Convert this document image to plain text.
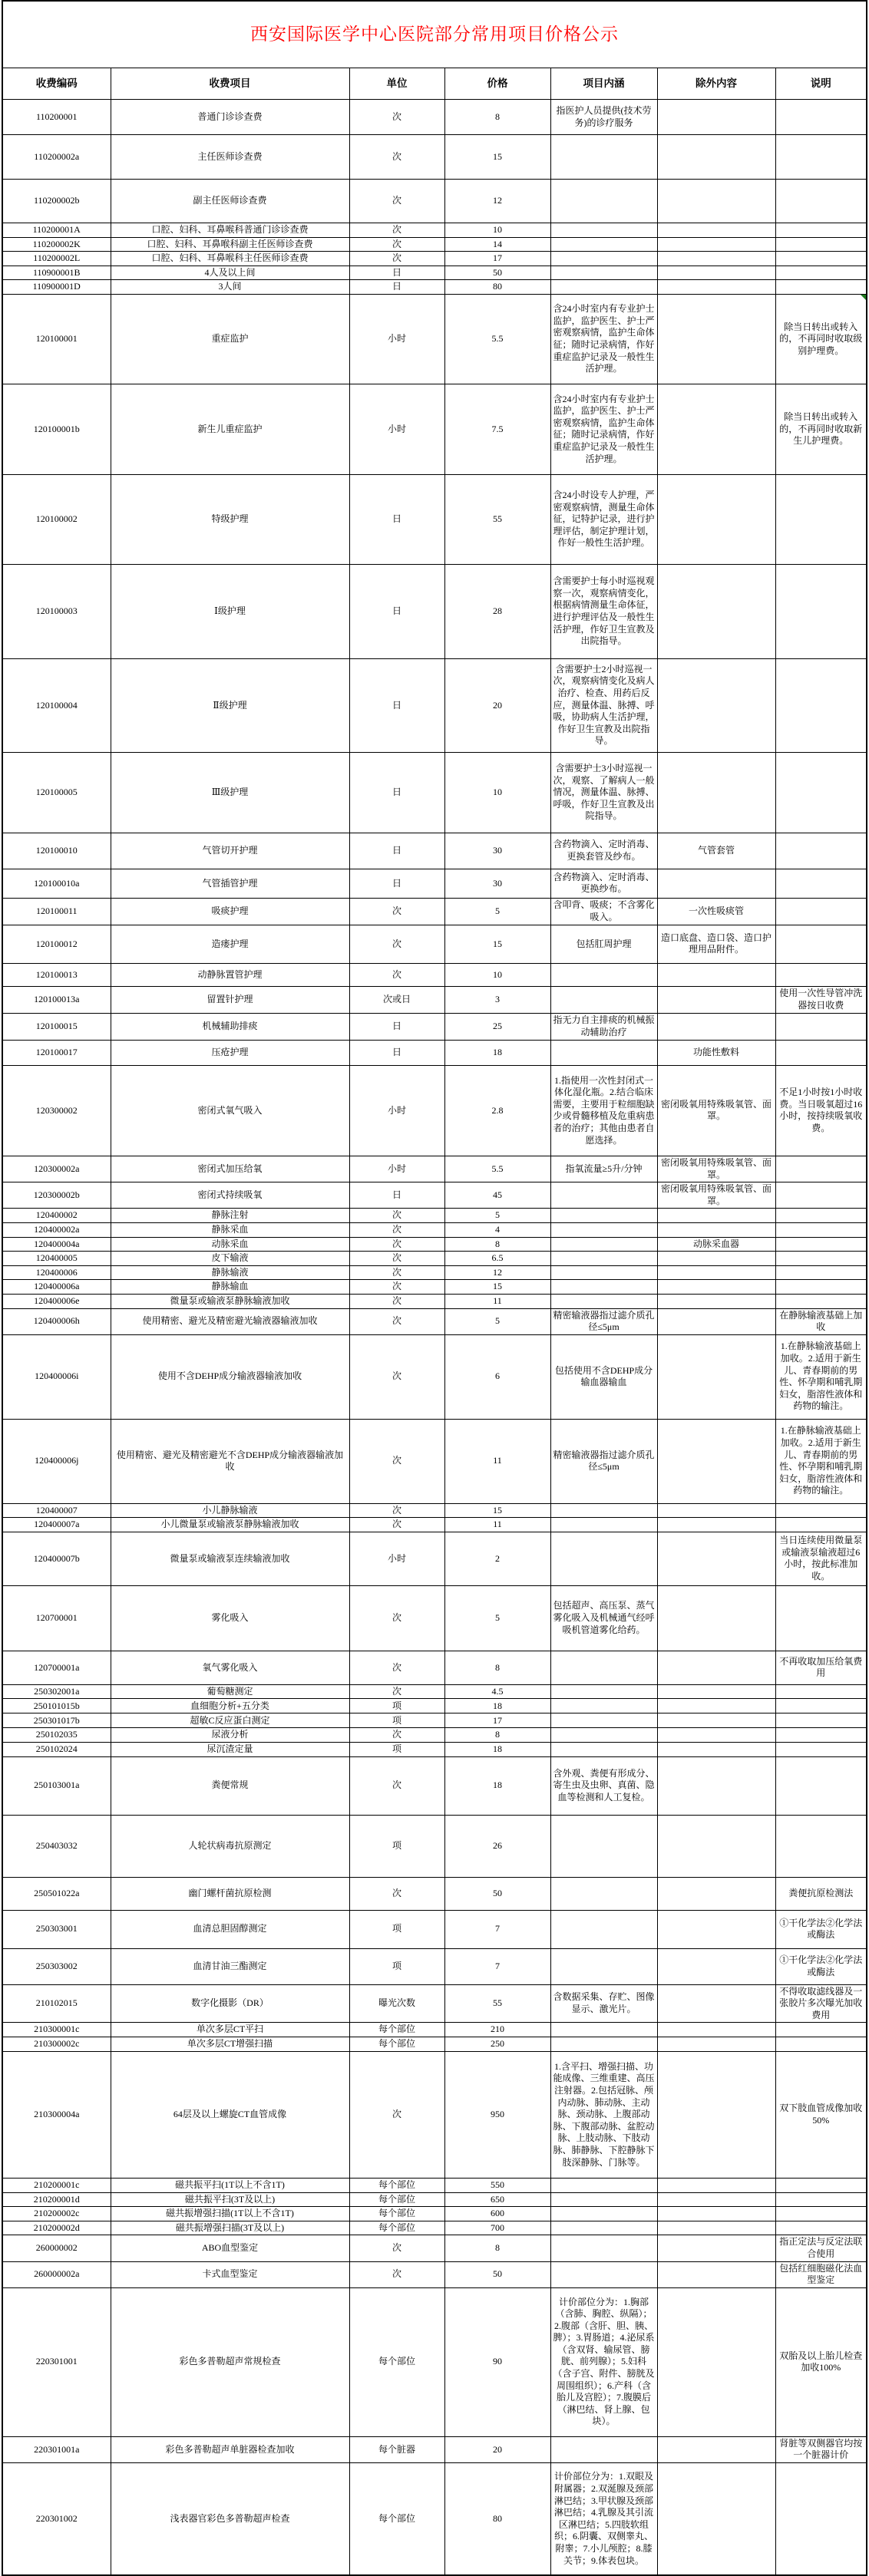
西安国际医学中心医院部分常用项目价格公示						
收费编码	收费项目	单位	价格	项目内涵	除外内容	说明
110200001	普通门诊诊查费	次	8	指医护人员提供(技术劳务)的诊疗服务		
110200002a	主任医师诊查费	次	15			
110200002b	副主任医师诊查费	次	12			
110200001A	口腔、妇科、耳鼻喉科普通门诊诊查费	次	10			
110200002K	口腔、妇科、耳鼻喉科副主任医师诊查费	次	14			
110200002L	口腔、妇科、耳鼻喉科主任医师诊查费	次	17			
110900001B	4人及以上间	日	50			
110900001D	3人间	日	80			
120100001	重症监护	小时	5.5	含24小时室内有专业护士监护，监护医生、护士严密观察病情，监护生命体征；随时记录病情，作好重症监护记录及一般性生活护理。		除当日转出或转入的，不再同时收取级别护理费。

120100001b	新生儿重症监护	小时	7.5	含24小时室内有专业护士监护，监护医生、护士严密观察病情，监护生命体征；随时记录病情，作好重症监护记录及一般性生活护理。		除当日转出或转入的，不再同时收取新生儿护理费。
120100002	特级护理	日	55	含24小时设专人护理，严密观察病情，测量生命体征，记特护记录，进行护理评估，制定护理计划，作好一般性生活护理。		
120100003	Ⅰ级护理	日	28	含需要护士每小时巡视观察一次，观察病情变化，根据病情测量生命体征，进行护理评估及一般性生活护理，作好卫生宣教及出院指导。		
120100004	Ⅱ级护理	日	20	含需要护士2小时巡视一次，观察病情变化及病人治疗、检查、用药后反应，测量体温、脉搏、呼吸，协助病人生活护理，作好卫生宣教及出院指导。		
120100005	Ⅲ级护理	日	10	含需要护士3小时巡视一次，观察、了解病人一般情况，测量体温、脉搏、呼吸，作好卫生宣教及出院指导。		
120100010	气管切开护理	日	30	含药物滴入、定时消毒、更换套管及纱布。	气管套管	
120100010a	气管插管护理	日	30	含药物滴入、定时消毒、更换纱布。		
120100011	吸痰护理	次	5	含叩背、吸痰；不含雾化吸入。	一次性吸痰管	
120100012	造瘘护理	次	15	包括肛周护理	造口底盘、造口袋、造口护理用品附件。	
120100013	动静脉置管护理	次	10			
120100013a	留置针护理	次或日	3			使用一次性导管冲洗器按日收费
120100015	机械辅助排痰	日	25	指无力自主排痰的机械振动辅助治疗		
120100017	压疮护理	日	18		功能性敷料	
120300002	密闭式氧气吸入	小时	2.8	1.指使用一次性封闭式一体化湿化瓶。2.结合临床需要，主要用于粒细胞缺少或骨髓移植及危重病患者的治疗；其他由患者自愿选择。	密闭吸氧用特殊吸氧管、面罩。	不足1小时按1小时收费。当日吸氧超过16小时，按持续吸氧收费。
120300002a	密闭式加压给氧	小时	5.5	指氧流量≥5升/分钟	密闭吸氧用特殊吸氧管、面罩。	
120300002b	密闭式持续吸氧	日	45		密闭吸氧用特殊吸氧管、面罩。	
120400002	静脉注射	次	5			
120400002a	静脉采血	次	4			
120400004a	动脉采血	次	8		动脉采血器	
120400005	皮下输液	次	6.5			
120400006	静脉输液	次	12			
120400006a	静脉输血	次	15			
120400006e	微量泵或输液泵静脉输液加收	次	11			
120400006h	使用精密、避光及精密避光输液器输液加收	次	5	精密输液器指过滤介质孔径≤5μm		在静脉输液基础上加收
120400006i	使用不含DEHP成分输液器输液加收	次	6	包括使用不含DEHP成分输血器输血		1.在静脉输液基础上加收。2.适用于新生儿、青春期前的男性、怀孕期和哺乳期妇女，脂溶性液体和药物的输注。
120400006j	使用精密、避光及精密避光不含DEHP成分输液器输液加收	次	11	精密输液器指过滤介质孔径≤5μm		1.在静脉输液基础上加收。2.适用于新生儿、青春期前的男性、怀孕期和哺乳期妇女，脂溶性液体和药物的输注。
120400007	小儿静脉输液	次	15			
120400007a	小儿微量泵或输液泵静脉输液加收	次	11			
120400007b	微量泵或输液泵连续输液加收	小时	2			当日连续使用微量泵或输液泵输液超过6小时，按此标准加收。
120700001	雾化吸入	次	5	包括超声、高压泵、蒸气雾化吸入及机械通气经呼吸机管道雾化给药。		
120700001a	氧气雾化吸入	次	8			不再收取加压给氧费用
250302001a	葡萄糖测定	次	4.5			
250101015b	血细胞分析+五分类	项	18			
250301017b	超敏C反应蛋白测定	项	17			
250102035	尿液分析	次	8			
250102024	尿沉渣定量	项	18			
250103001a	粪便常规	次	18	含外观、粪便有形成分、寄生虫及虫卵、真菌、隐血等检测和人工复检。		
250403032	人轮状病毒抗原测定	项	26			
250501022a	幽门螺杆菌抗原检测	次	50			粪便抗原检测法
250303001	血清总胆固醇测定	项	7			①干化学法②化学法或酶法
250303002	血清甘油三酯测定	项	7			①干化学法②化学法或酶法
210102015	数字化摄影（DR）	曝光次数	55	含数据采集、存贮、图像显示、激光片。		不得收取滤线器及一张胶片多次曝光加收费用
210300001c	单次多层CT平扫	每个部位	210			
210300002c	单次多层CT增强扫描	每个部位	250			
210300004a	64层及以上螺旋CT血管成像	次	950	1.含平扫、增强扫描、功能成像、三维重建、高压注射器。2.包括冠脉、颅内动脉、肺动脉、主动脉、颈动脉、上腹部动脉、下腹部动脉、盆腔动脉、上肢动脉、下肢动脉、肺静脉、下腔静脉下肢深静脉、门脉等。		双下肢血管成像加收50%
210200001c	磁共振平扫(1T以上不含1T)	每个部位	550			
210200001d	磁共振平扫(3T及以上)	每个部位	650			
210200002c	磁共振增强扫描(1T以上不含1T)	每个部位	600			
210200002d	磁共振增强扫描(3T及以上)	每个部位	700			
260000002	ABO血型鉴定	次	8			指正定法与反定法联合使用
260000002a	卡式血型鉴定	次	50			包括红细胞磁化法血型鉴定
220301001	彩色多普勒超声常规检查	每个部位	90	计价部位分为：1.胸部（含肺、胸腔、纵隔）；2.腹部（含肝、胆、胰、脾）；3.胃肠道；4.泌尿系（含双肾、输尿管、膀胱、前列腺）；5.妇科（含子宫、附件、膀胱及周围组织）；6.产科（含胎儿及宫腔）；7.腹膜后（淋巴结、肾上腺、包块）。		双胎及以上胎儿检查加收100%
220301001a	彩色多普勒超声单脏器检查加收	每个脏器	20			肾脏等双侧器官均按一个脏器计价
220301002	浅表器官彩色多普勒超声检查	每个部位	80	计价部位分为：1.双眼及附属器；2.双涎腺及颈部淋巴结；3.甲状腺及颈部淋巴结；4.乳腺及其引流区淋巴结；5.四肢软组织；6.阴囊、双侧睾丸、附睾；7.小儿颅腔；8.膝关节；9.体表包块。		
